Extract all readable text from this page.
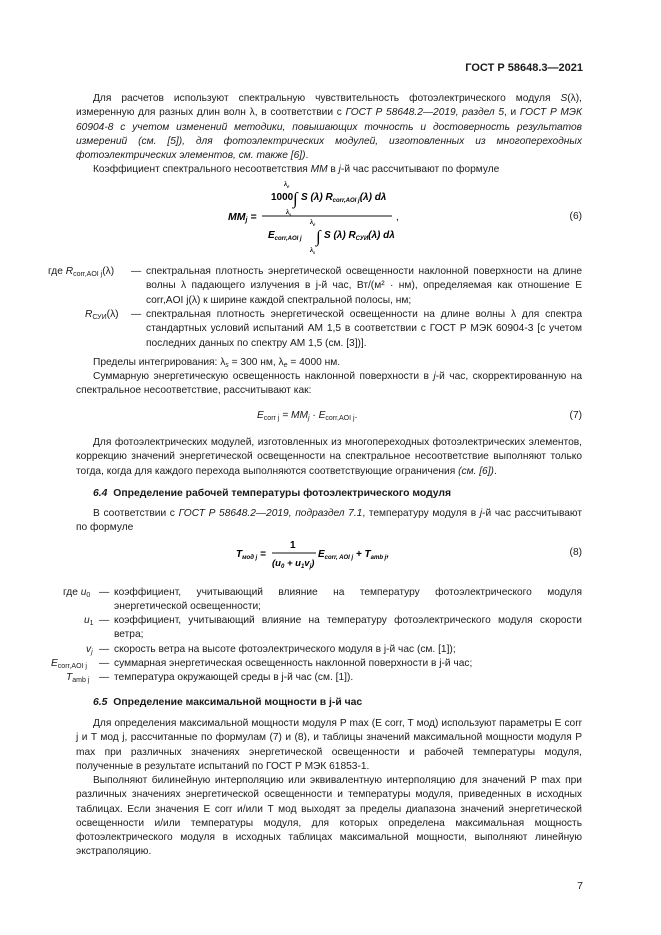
ГОСТ Р 58648.3—2021
Для расчетов используют спектральную чувствительность фотоэлектрического модуля S(λ), измеренную для разных длин волн λ, в соответствии с ГОСТ Р 58648.2—2019, раздел 5, и ГОСТ Р МЭК 60904-8 с учетом изменений методики, повышающих точность и достоверность результатов измерений (см. [5]), для фотоэлектрических модулей, изготовленных из многопереходных фотоэлектрических элементов, см. также [6]).
Коэффициент спектрального несоответствия MM в j-й час рассчитывают по формуле
$\lambda_e$
1000 ∫ S (λ) $R_{corr,AOI j}(\lambda)$ dλ
λ
MMj =	,
$\lambda_e$
$E_{corr,AOI j}$ ∫ S (λ) $R_{СУИ}(\lambda)$ dλ
$\lambda_s$
(6)
где $R_{corr,AOI j}(\lambda)$ — спектральная плотность энергетической освещенности наклонной поверхности на длине волны λ падающего излучения в j-й час, Вт/(м² · нм), определяемая как отношение E corr,AOI j(λ) к ширине каждой спектральной полосы, нм;
$R_{СУИ}(\lambda)$ — спектральная плотность энергетической освещенности на длине волны λ для спектра стандартных условий испытаний АМ 1,5 в соответствии с ГОСТ Р МЭК 60904-3 [с учетом последних данных по спектру АМ 1,5 (см. [3])].
Пределы интегрирования: $\lambda_s = 300$ нм, $\lambda_e = 4000$ нм.
Суммарную энергетическую освещенность наклонной поверхности в j-й час, скорректированную на спектральное несоответствие, рассчитывают как:
$E_{corr j} = MM_j \cdot E_{corr,AOI j}$.	(7)
Для фотоэлектрических модулей, изготовленных из многопереходных фотоэлектрических элементов, коррекцию значений энергетической освещенности на спектральное несоответствие выполняют только тогда, когда для каждого перехода выполняются соответствующие ограничения (см. [6]).
6.4 Определение рабочей температуры фотоэлектрического модуля
В соответствии с ГОСТ Р 58648.2—2019, подраздел 7.1, температуру модуля в j-й час рассчитывают по формуле
$T_{мод j}$ =
1
$(u_0 + u_1v_j)$
$E_{corr, AOI j} + T_{amb j}$,	(8)
где $u_0$ — коэффициент, учитывающий влияние на температуру фотоэлектрического модуля энергетической освещенности;
$u_1$ — коэффициент, учитывающий влияние на температуру фотоэлектрического модуля скорости ветра;
$v_j$ — скорость ветра на высоте фотоэлектрического модуля в j-й час (см. [1]);
$E_{corr,AOI j}$ — суммарная энергетическая освещенность наклонной поверхности в j-й час;
$T_{amb j}$ — температура окружающей среды в j-й час (см. [1]).
6.5 Определение максимальной мощности в j-й час
Для определения максимальной мощности модуля P max (E corr, T мод) используют параметры E corr j и T мод j, рассчитанные по формулам (7) и (8), и таблицы значений максимальной мощности модуля P max при различных значениях энергетической освещенности и рабочей температуры модуля, полученные в результате испытаний по ГОСТ Р МЭК 61853-1.
Выполняют билинейную интерполяцию или эквивалентную интерполяцию для значений P max при различных значениях энергетической освещенности и температуры модуля, приведенных в исходных таблицах. Если значения E corr и/или T мод выходят за пределы диапазона значений энергетической освещенности и/или температуры модуля, для которых определена максимальная мощность фотоэлектрического модуля в исходных таблицах максимальной мощности, выполняют линейную экстраполяцию.
7
